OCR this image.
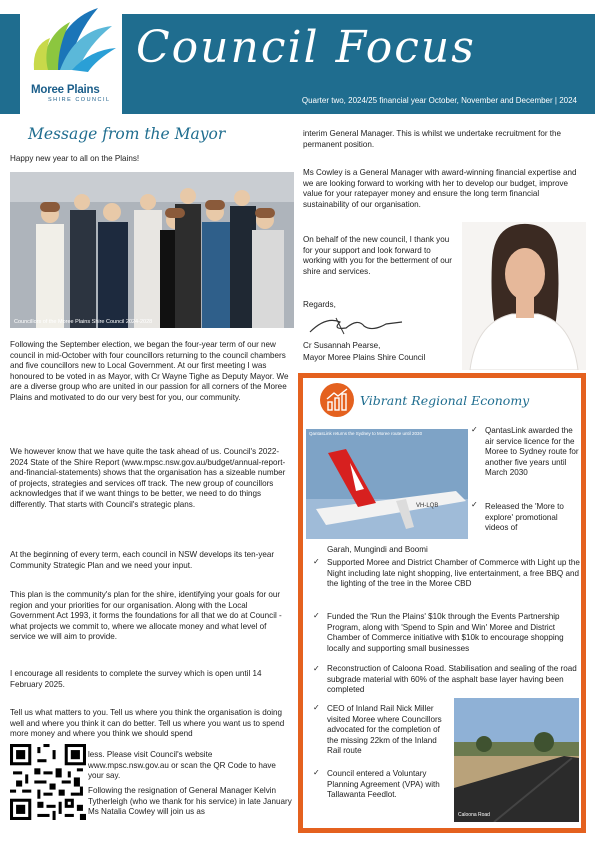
Moree Plains
SHIRE COUNCIL
Council Focus
Quarter two, 2024/25 financial year October, November and December | 2024
Message from the Mayor

Happy new year to all on the Plains!

Councillors of the Moree Plains Shire Council 2024-2028

Following the September election, we began the four-year term of our new council in mid-October with four councillors returning to the council chambers and five councillors new to Local Government. At our first meeting I was honoured to be voted in as Mayor, with Cr Wayne Tighe as Deputy Mayor. We are a diverse group who are united in our passion for all corners of the Moree Plains and motivated to do our very best for you, our community.

We however know that we have quite the task ahead of us. Council's 2022-2024 State of the Shire Report (www.mpsc.nsw.gov.au/budget/annual-report-and-financial-statements) shows that the organisation has a sizeable number of projects, strategies and services off track. The new group of councillors acknowledges that if we want things to be better, we need to do things differently. That starts with Council's strategic plans.

At the beginning of every term, each council in NSW develops its ten-year Community Strategic Plan and we need your input.

This plan is the community's plan for the shire, identifying your goals for our region and your priorities for our organisation. Along with the Local Government Act 1993, it forms the foundations for all that we do at Council - what projects we commit to, where we allocate money and what level of service we will aim to provide.

I encourage all residents to complete the survey which is open until 14 February 2025.

Tell us what matters to you. Tell us where you think the organisation is doing well and where you think it can do better. Tell us where you want us to spend more money and where you think we should spend

less. Please visit Council's website www.mpsc.nsw.gov.au or scan the QR Code to have your say.

Following the resignation of General Manager Kelvin Tytherleigh (who we thank for his service) in late January Ms Natalia Cowley will join us as

interim General Manager. This is whilst we undertake recruitment for the permanent position.

Ms Cowley is a General Manager with award-winning financial expertise and we are looking forward to working with her to develop our budget, improve value for your ratepayer money and ensure the long term financial sustainability of our organisation.

On behalf of the new council, I thank you for your support and look forward to working with you for the betterment of our shire and services.

Regards,

Cr Susannah Pearse,

Mayor Moree Plains Shire Council

Vibrant Regional Economy
VH-LQB
QantasLink returns the Sydney to Moree route until 2030	✓ QantasLink awarded the air service licence for the Moree to Sydney route for another five years until March 2030

✓ Released the 'More to explore' promotional videos of

Garah, Mungindi and Boomi

✓ Supported Moree and District Chamber of Commerce with Light up the Night including late night shopping, live entertainment, a free BBQ and the lighting of the tree in the Moree CBD

✓ Funded the 'Run the Plains' $10k through the Events Partnership Program, along with 'Spend to Spin and Win' Moree and District Chamber of Commerce initiative with $10k to encourage shopping locally and supporting small businesses

✓ Reconstruction of Caloona Road. Stabilisation and sealing of the road subgrade material with 60% of the asphalt base layer having been completed

✓ CEO of Inland Rail Nick Miller visited Moree where Councillors advocated for the completion of the missing 22km of the Inland Rail route

✓ Council entered a Voluntary Planning Agreement (VPA) with Tallawanta Feedlot.

Caloona Road
